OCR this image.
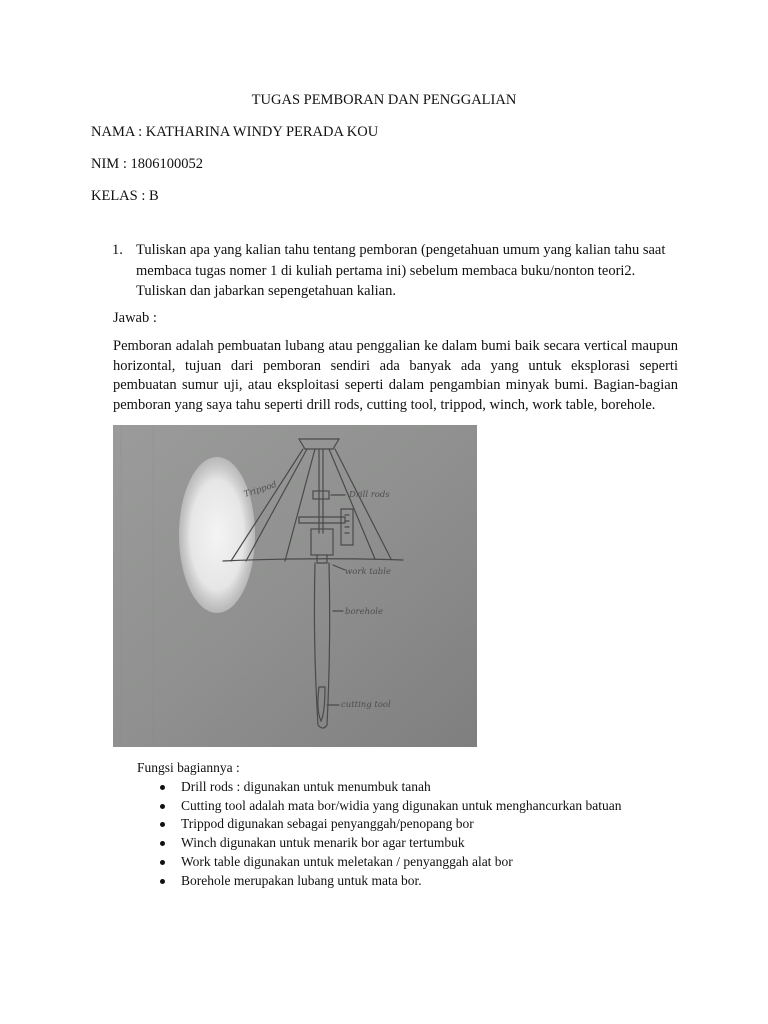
TUGAS PEMBORAN DAN PENGGALIAN
NAMA : KATHARINA WINDY PERADA KOU
NIM : 1806100052
KELAS : B
1. Tuliskan apa yang kalian tahu tentang pemboran (pengetahuan umum yang kalian tahu saat membaca tugas nomer 1 di kuliah pertama ini) sebelum membaca buku/nonton teori2. Tuliskan dan jabarkan sepengetahuan kalian.
Jawab :
Pemboran adalah pembuatan lubang atau penggalian ke dalam bumi baik secara vertical maupun horizontal, tujuan dari pemboran sendiri ada banyak ada yang untuk eksplorasi seperti pembuatan sumur uji, atau eksploitasi seperti dalam pengambian minyak bumi. Bagian-bagian pemboran yang saya tahu seperti drill rods, cutting tool, trippod, winch, work table, borehole.
Trippod	Drill rods
work table
borehole
cutting tool
Fungsi bagiannya :
Drill rods : digunakan untuk menumbuk tanah
Cutting tool adalah mata bor/widia yang digunakan untuk menghancurkan batuan
Trippod digunakan sebagai penyanggah/penopang bor
Winch digunakan untuk menarik bor agar tertumbuk
Work table digunakan untuk meletakan / penyanggah alat bor
Borehole merupakan lubang untuk mata bor.
